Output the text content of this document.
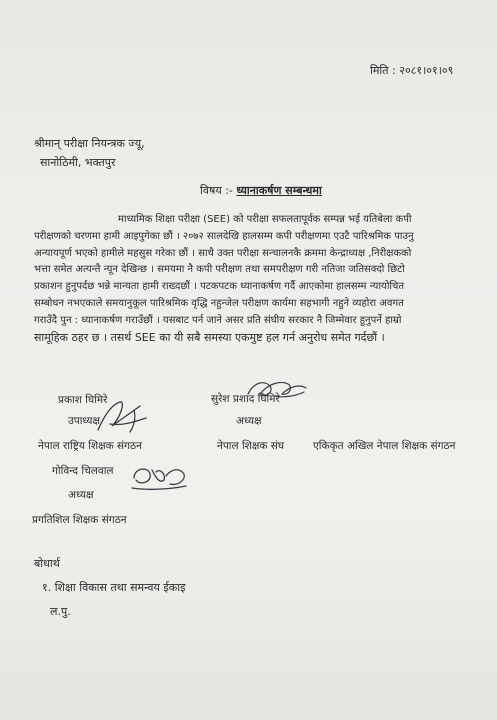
मिति : २०८१।०१।०९
श्रीमान् परीक्षा नियन्त्रक ज्यू,
सानोठिमी, भक्तपुर
विषय :- ध्यानाकर्षण सम्बन्धमा
माध्यमिक शिक्षा परीक्षा (SEE) को परीक्षा सफलतापूर्वक सम्पन्न भई यतिबेला कपी
परीक्षणको चरणमा हामी आइपुगेका छौं । २०७२ सालदेखि हालसम्म कपी परीक्षणमा एउटै पारिश्रमिक पाउनु
अन्यायपूर्ण भएको हामीले महसुस गरेका छौं । साथै उक्त परीक्षा सन्चालनकै क्रममा केन्द्राध्यक्ष ,निरीक्षकको
भत्ता समेत अत्यन्तै न्यून देखिन्छ । समयमा नै कपी परीक्षण तथा समपरीक्षण गरी नतिजा जतिसक्दो छिटो
प्रकाशन हुनुपर्दछ भन्ने मान्यता हामी राख्दछौं । पटकपटक ध्यानाकर्षण गर्दै आएकोमा हालसम्म न्यायोचित
सम्बोधन नभएकाले समयानुकूल पारिश्रमिक वृद्धि नहुन्जेल परीक्षण कार्यमा सहभागी नहुने व्यहोरा अवगत
गराउँदै पुन : ध्यानाकर्षण गराउँछौं । यसबाट पर्न जाने असर प्रति संघीय सरकार नै जिम्मेवार हुनुपर्ने हाम्रो
सामूहिक ठहर छ । तसर्थ SEE का यी सबै समस्या एकमुष्ट हल गर्न अनुरोध समेत गर्दछौं ।
प्रकाश घिमिरे
उपाध्यक्ष
नेपाल राष्ट्रिय शिक्षक संगठन
सुरेश प्रशाद घिमिरे
अध्यक्ष
नेपाल शिक्षक संघ	एकिकृत अखिल नेपाल शिक्षक संगठन
गोविन्द चिलवाल
अध्यक्ष
प्रगतिशिल शिक्षक संगठन
बोधार्थ
१. शिक्षा विकास तथा समन्वय ईकाइ
ल.पु.
